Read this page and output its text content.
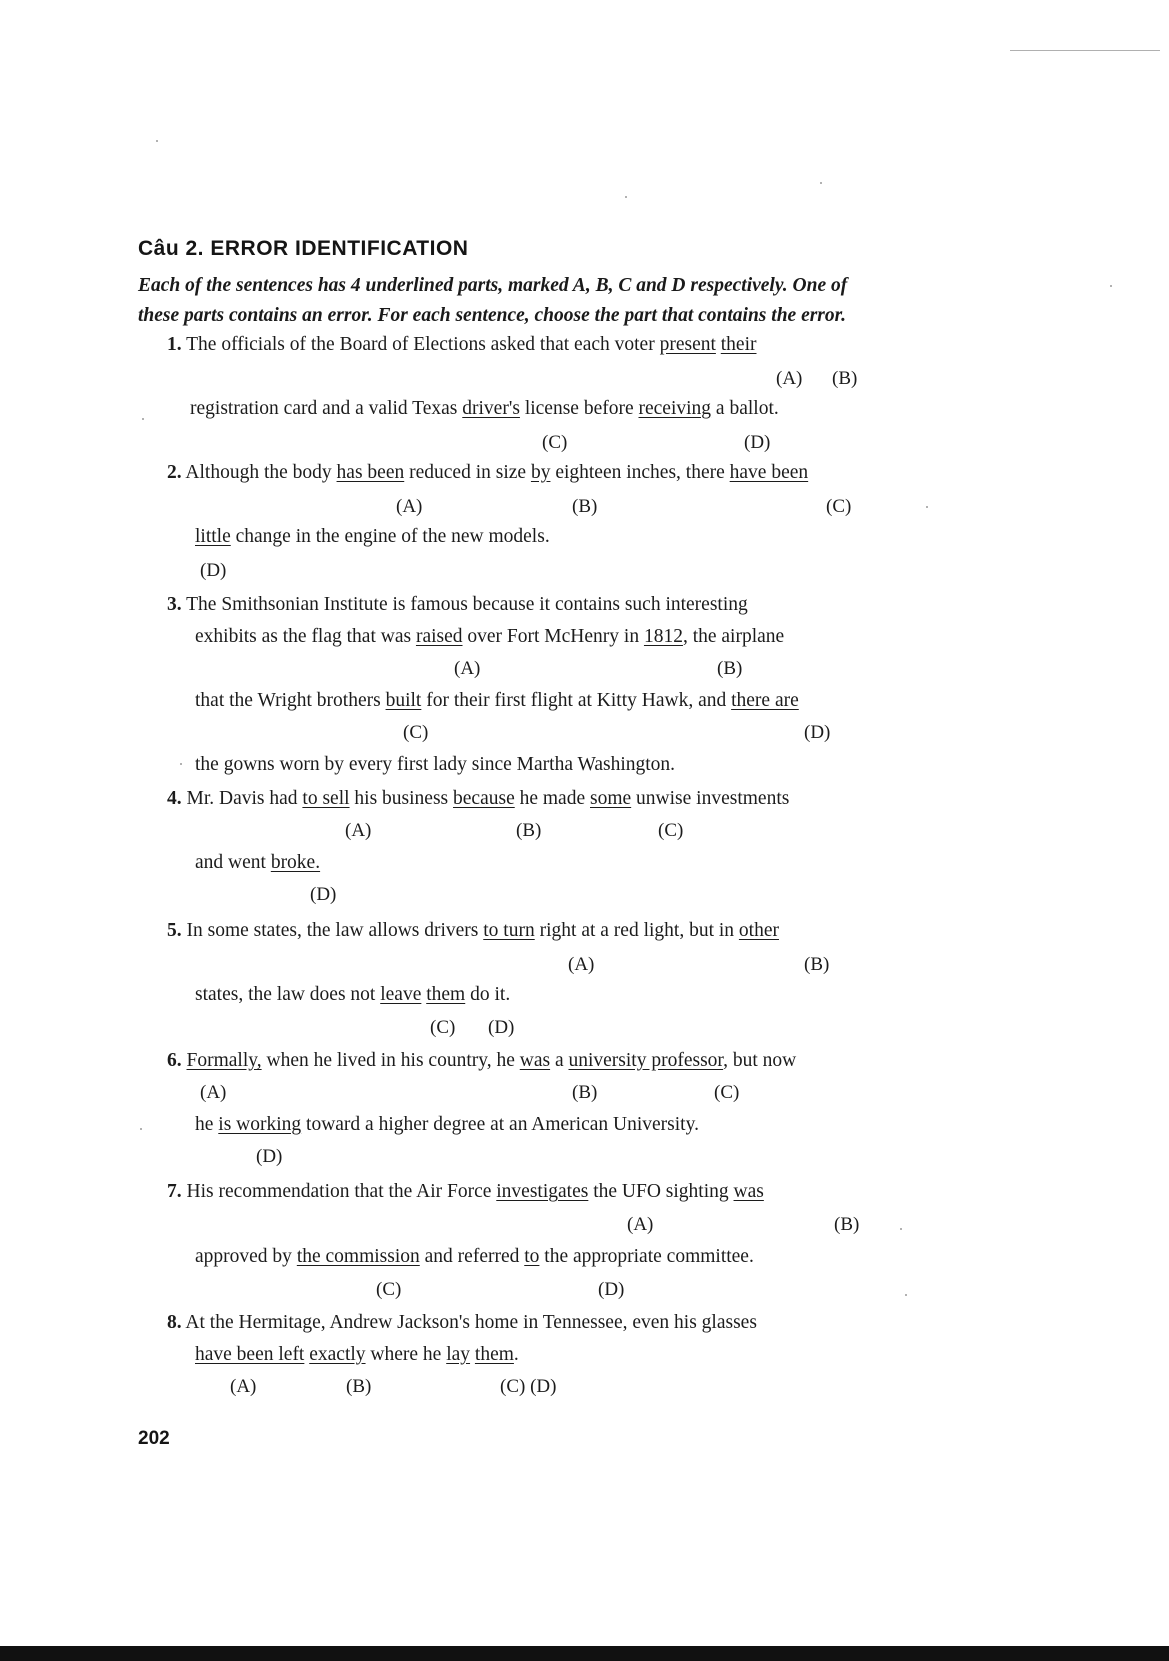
Câu 2. ERROR IDENTIFICATION
Each of the sentences has 4 underlined parts, marked A, B, C and D respectively. One of
these parts contains an error. For each sentence, choose the part that contains the error.
1. The officials of the Board of Elections asked that each voter present their
(A) (B)
registration card and a valid Texas driver's license before receiving a ballot.
(C)	(D)
2. Although the body has been reduced in size by eighteen inches, there have been
(A)	(B)	(C)
little change in the engine of the new models.
(D)
3. The Smithsonian Institute is famous because it contains such interesting
exhibits as the flag that was raised over Fort McHenry in 1812, the airplane
(A)	(B)
that the Wright brothers built for their first flight at Kitty Hawk, and there are
(C)	(D)
the gowns worn by every first lady since Martha Washington.
4. Mr. Davis had to sell his business because he made some unwise investments
(A)	(B)	(C)
and went broke.
(D)
5. In some states, the law allows drivers to turn right at a red light, but in other
(A)	(B)
states, the law does not leave them do it.
(C) (D)
6. Formally, when he lived in his country, he was a university professor, but now
(A)	(B)	(C)
he is working toward a higher degree at an American University.
(D)
7. His recommendation that the Air Force investigates the UFO sighting was
(A)	(B)
approved by the commission and referred to the appropriate committee.
(C)	(D)
8. At the Hermitage, Andrew Jackson's home in Tennessee, even his glasses
have been left exactly where he lay them.
(A)	(B)	(C) (D)
202
